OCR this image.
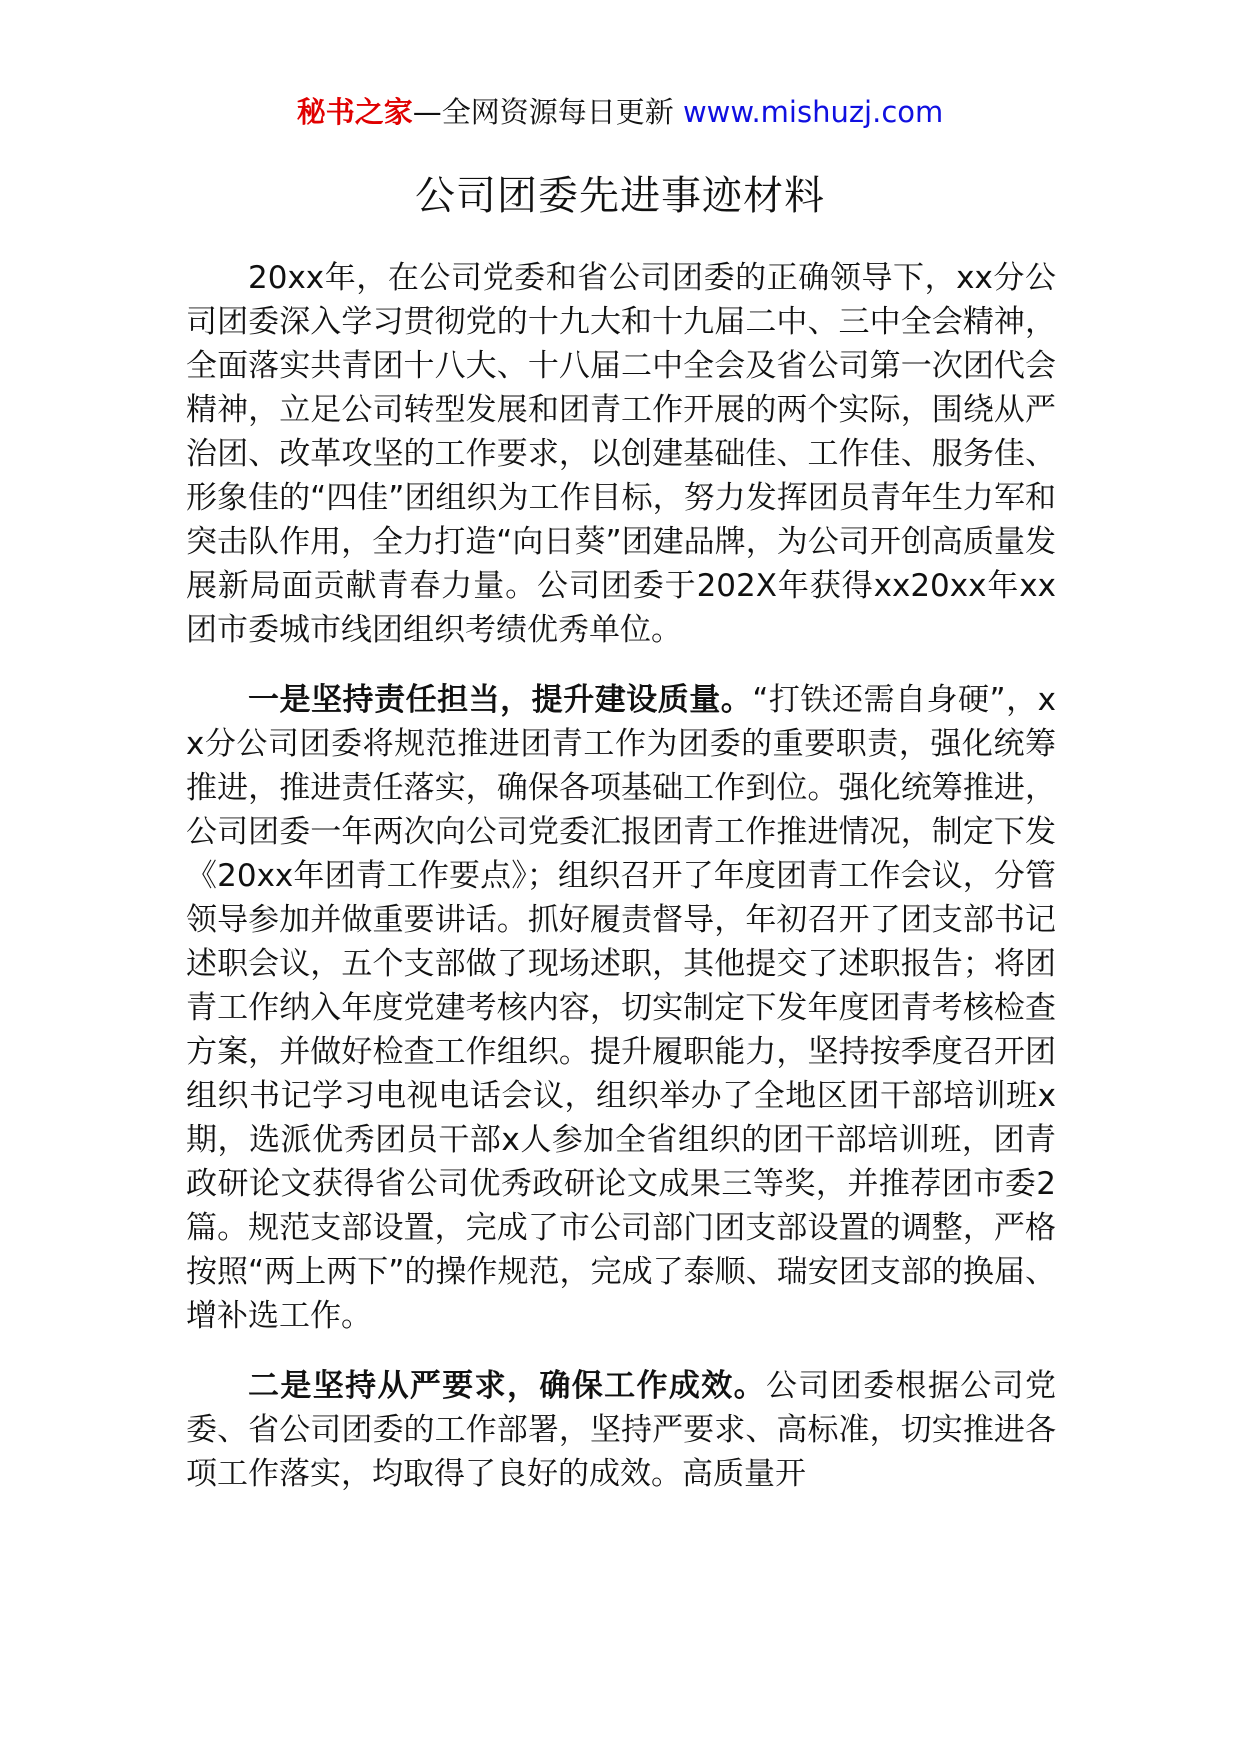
秘书之家—全网资源每日更新 www.mishuzj.com
公司团委先进事迹材料

20xx年，在公司党委和省公司团委的正确领导下，xx分公司团委深入学习贯彻党的十九大和十九届二中、三中全会精神，全面落实共青团十八大、十八届二中全会及省公司第一次团代会精神，立足公司转型发展和团青工作开展的两个实际，围绕从严治团、改革攻坚的工作要求，以创建基础佳、工作佳、服务佳、形象佳的“四佳”团组织为工作目标，努力发挥团员青年生力军和突击队作用，全力打造“向日葵”团建品牌，为公司开创高质量发展新局面贡献青春力量。公司团委于202X年获得xx20xx年xx团市委城市线团组织考绩优秀单位。

一是坚持责任担当，提升建设质量。“打铁还需自身硬”，xx分公司团委将规范推进团青工作为团委的重要职责，强化统筹推进，推进责任落实，确保各项基础工作到位。强化统筹推进，公司团委一年两次向公司党委汇报团青工作推进情况，制定下发《20xx年团青工作要点》；组织召开了年度团青工作会议，分管领导参加并做重要讲话。抓好履责督导，年初召开了团支部书记述职会议，五个支部做了现场述职，其他提交了述职报告；将团青工作纳入年度党建考核内容，切实制定下发年度团青考核检查方案，并做好检查工作组织。提升履职能力，坚持按季度召开团组织书记学习电视电话会议，组织举办了全地区团干部培训班x期，选派优秀团员干部x人参加全省组织的团干部培训班，团青政研论文获得省公司优秀政研论文成果三等奖，并推荐团市委2篇。规范支部设置，完成了市公司部门团支部设置的调整，严格按照“两上两下”的操作规范，完成了泰顺、瑞安团支部的换届、增补选工作。

二是坚持从严要求，确保工作成效。公司团委根据公司党委、省公司团委的工作部署，坚持严要求、高标准，切实推进各项工作落实，均取得了良好的成效。高质量开
